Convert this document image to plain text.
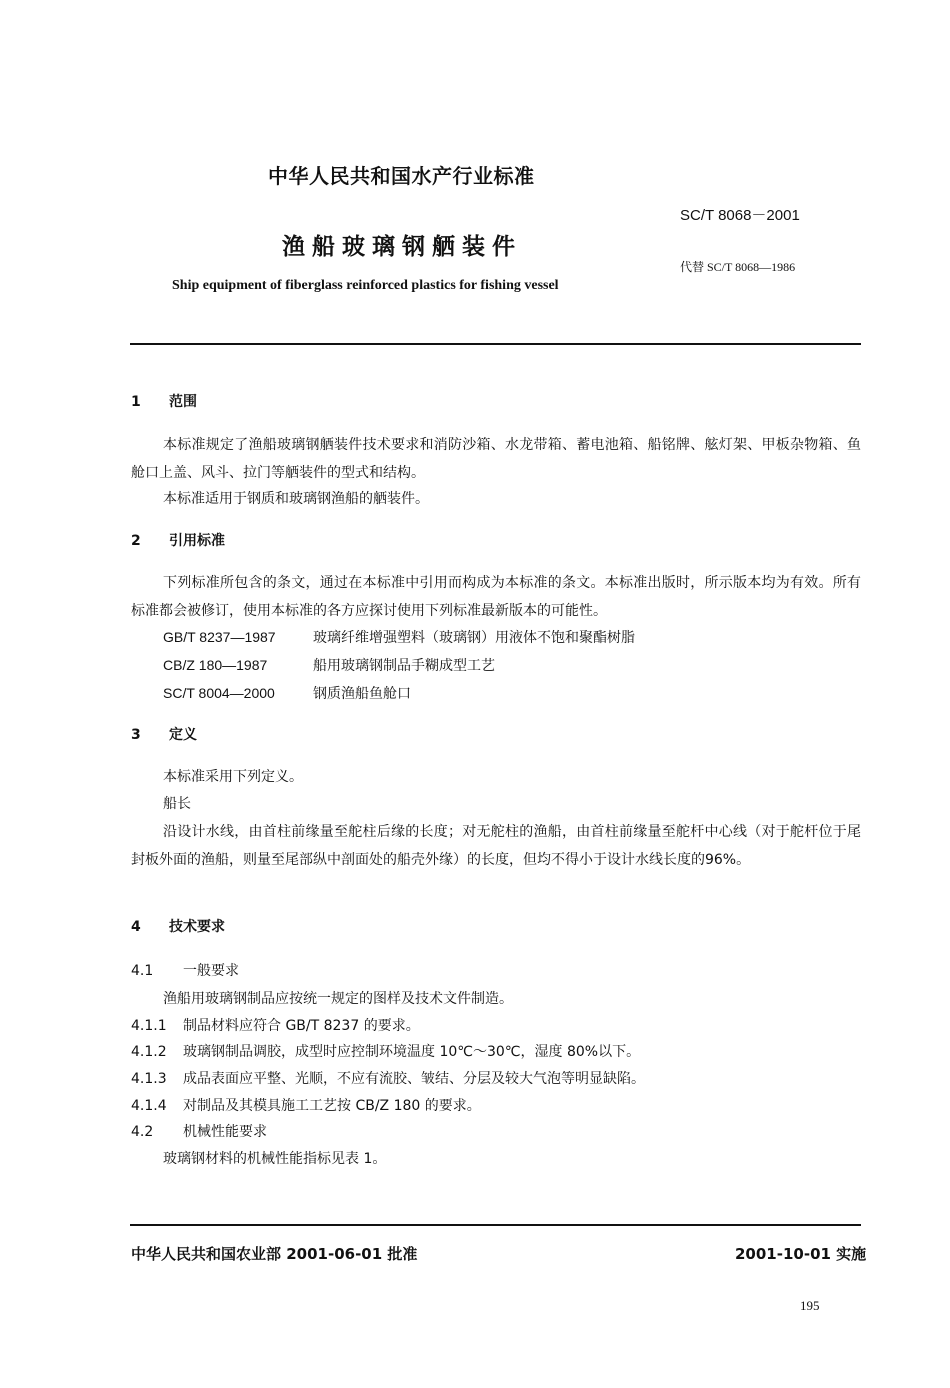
中华人民共和国水产行业标准
SC/T 8068－2001
渔船玻璃钢舾装件
代替 SC/T 8068—1986
Ship equipment of fiberglass reinforced plastics for fishing vessel
1 范围
本标准规定了渔船玻璃钢舾装件技术要求和消防沙箱、水龙带箱、蓄电池箱、船铭牌、舷灯架、甲板杂物箱、鱼舱口上盖、风斗、拉门等舾装件的型式和结构。
本标准适用于钢质和玻璃钢渔船的舾装件。
2 引用标准
下列标准所包含的条文，通过在本标准中引用而构成为本标准的条文。本标准出版时，所示版本均为有效。所有标准都会被修订，使用本标准的各方应探讨使用下列标准最新版本的可能性。
GB/T 8237—1987	玻璃纤维增强塑料（玻璃钢）用液体不饱和聚酯树脂
CB/Z 180—1987	船用玻璃钢制品手糊成型工艺
SC/T 8004—2000	钢质渔船鱼舱口
3 定义
本标准采用下列定义。
船长
沿设计水线，由首柱前缘量至舵柱后缘的长度；对无舵柱的渔船，由首柱前缘量至舵杆中心线（对于舵杆位于尾封板外面的渔船，则量至尾部纵中剖面处的船壳外缘）的长度，但均不得小于设计水线长度的96%。
4 技术要求
4.1 一般要求
渔船用玻璃钢制品应按统一规定的图样及技术文件制造。
4.1.1 制品材料应符合 GB/T 8237 的要求。
4.1.2 玻璃钢制品调胶，成型时应控制环境温度 10℃～30℃，湿度 80%以下。
4.1.3 成品表面应平整、光顺，不应有流胶、皱结、分层及较大气泡等明显缺陷。
4.1.4 对制品及其模具施工工艺按 CB/Z 180 的要求。
4.2 机械性能要求
玻璃钢材料的机械性能指标见表 1。
中华人民共和国农业部 2001-06-01 批准	2001-10-01 实施
195
